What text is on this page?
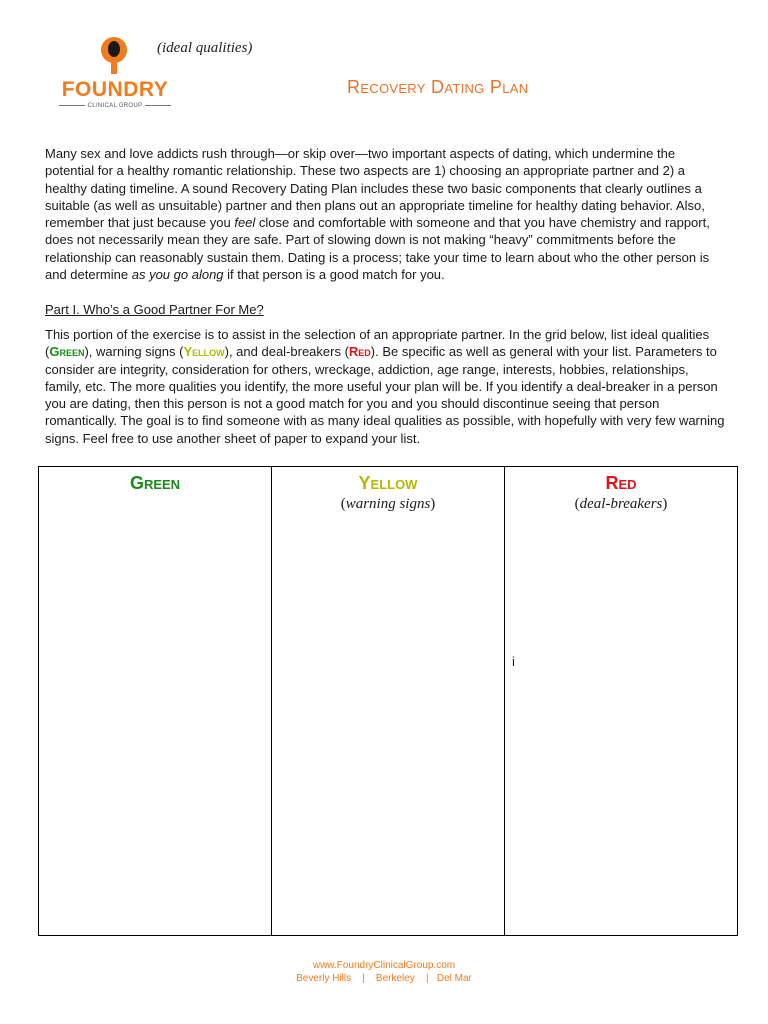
FOUNDRY
CLINICAL GROUP
(ideal qualities)
Recovery Dating Plan

Many sex and love addicts rush through—or skip over—two important aspects of dating, which undermine the potential for a healthy romantic relationship. These two aspects are 1) choosing an appropriate partner and 2) a healthy dating timeline. A sound Recovery Dating Plan includes these two basic components that clearly outlines a suitable (as well as unsuitable) partner and then plans out an appropriate timeline for healthy dating behavior. Also, remember that just because you feel close and comfortable with someone and that you have chemistry and rapport, does not necessarily mean they are safe. Part of slowing down is not making “heavy” commitments before the relationship can reasonably sustain them. Dating is a process; take your time to learn about who the other person is and determine as you go along if that person is a good match for you.

Part I. Who’s a Good Partner For Me?

This portion of the exercise is to assist in the selection of an appropriate partner. In the grid below, list ideal qualities (Green), warning signs (Yellow), and deal-breakers (Red). Be specific as well as general with your list. Parameters to consider are integrity, consideration for others, wreckage, addiction, age range, interests, hobbies, relationships, family, etc. The more qualities you identify, the more useful your plan will be. If you identify a deal-breaker in a person you are dating, then this person is not a good match for you and you should discontinue seeing that person romantically. The goal is to find someone with as many ideal qualities as possible, with hopefully with very few warning signs. Feel free to use another sheet of paper to expand your list.

Green	Yellow
(warning signs)
Red
(deal-breakers)
i
www.FoundryClinicalGroup.com
Beverly Hills    |    Berkeley    |   Del Mar
